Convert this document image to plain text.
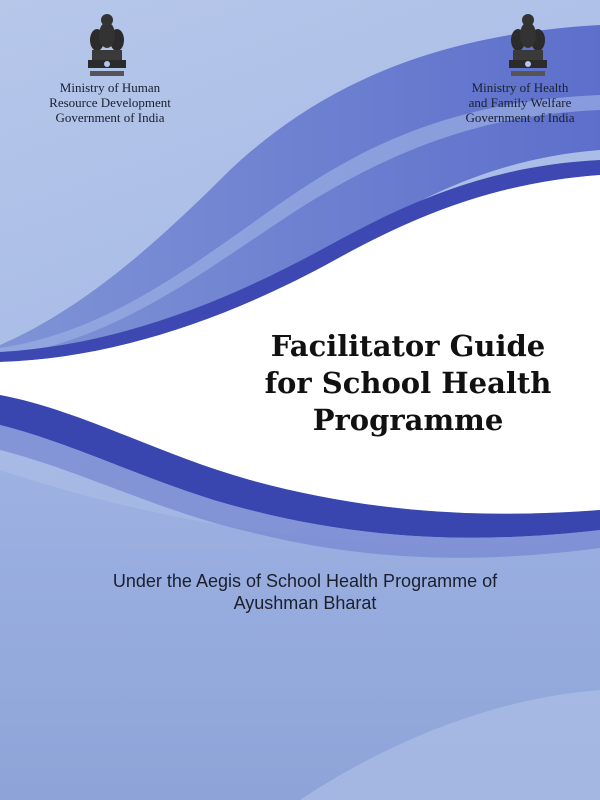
Ministry of Human
Resource Development
Government of India
Ministry of Health
and Family Welfare
Government of India
Facilitator Guide
for School Health
Programme
Under the Aegis of School Health Programme of
Ayushman Bharat
